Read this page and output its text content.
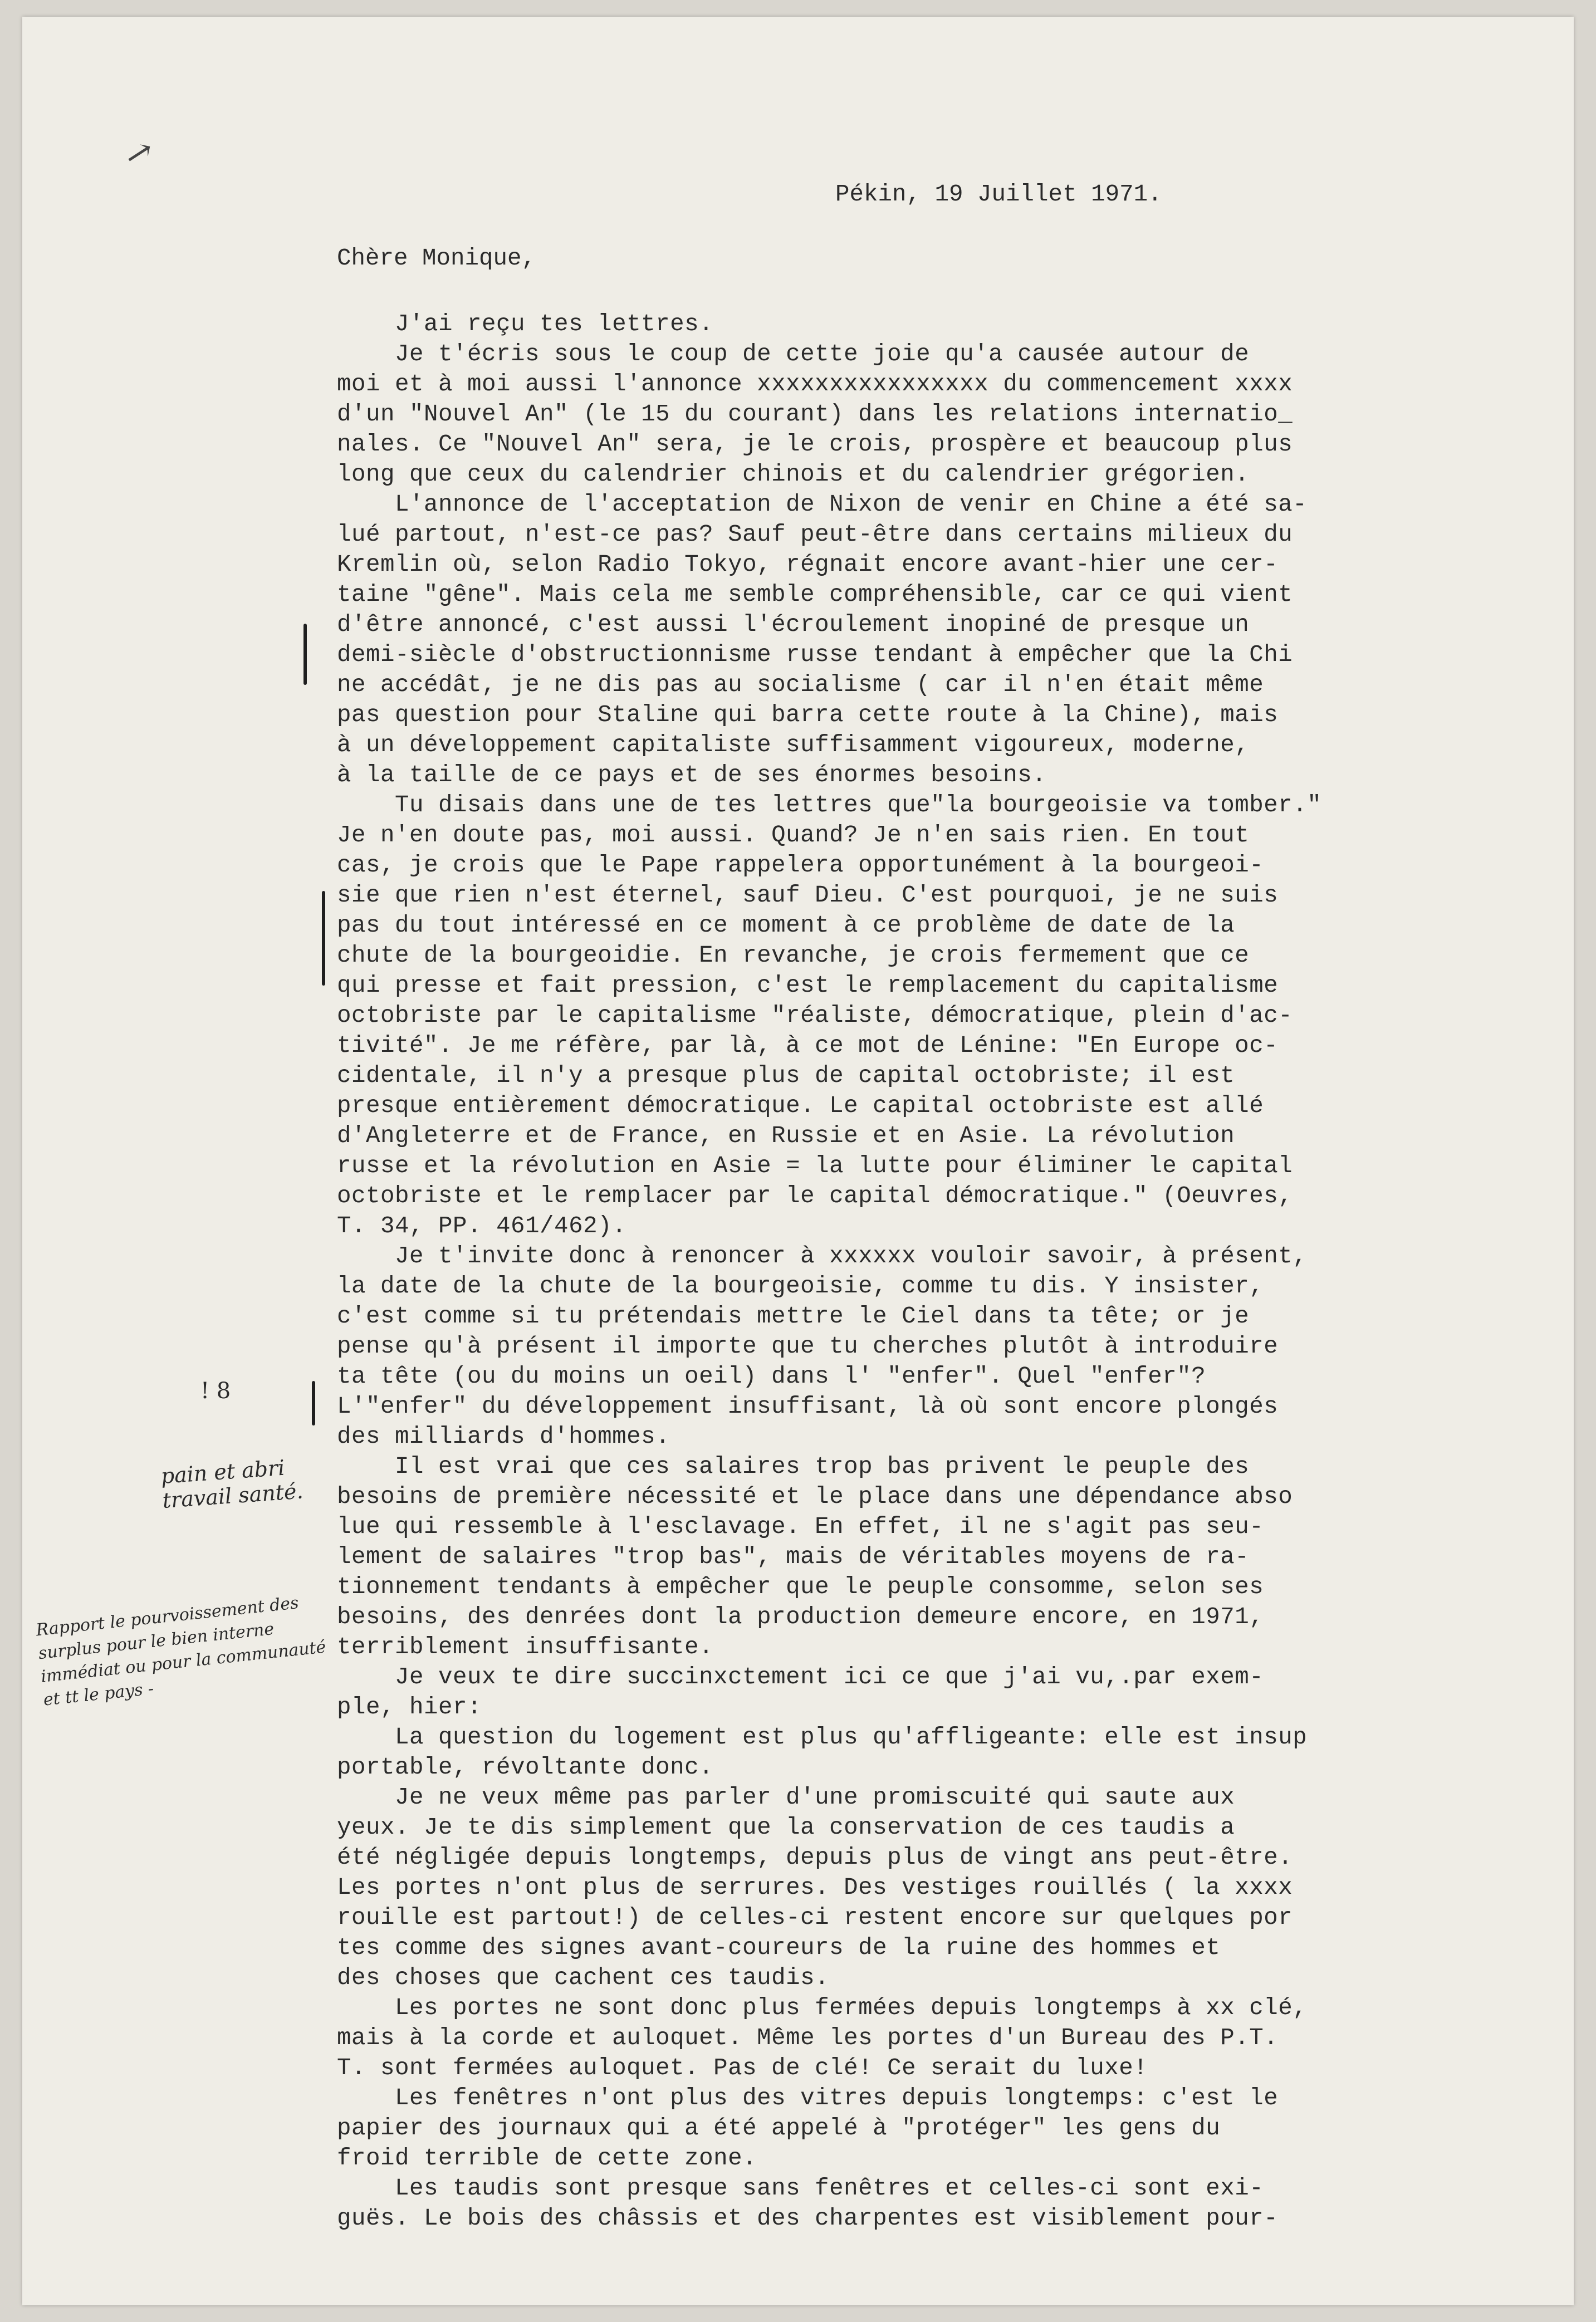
↗
Pékin, 19 Juillet 1971.
Chère Monique,
J'ai reçu tes lettres.
Je t'écris sous le coup de cette joie qu'a causée autour de
moi et à moi aussi l'annonce xxxxxxxxxxxxxxxx du commencement xxxx
d'un "Nouvel An" (le 15 du courant) dans les relations internatio_
nales. Ce "Nouvel An" sera, je le crois, prospère et beaucoup plus
long que ceux du calendrier chinois et du calendrier grégorien.
L'annonce de l'acceptation de Nixon de venir en Chine a été sa-
lué partout, n'est-ce pas? Sauf peut-être dans certains milieux du
Kremlin où, selon Radio Tokyo, régnait encore avant-hier une cer-
taine "gêne". Mais cela me semble compréhensible, car ce qui vient
d'être annoncé, c'est aussi l'écroulement inopiné de presque un
demi-siècle d'obstructionnisme russe tendant à empêcher que la Chi
ne accédât, je ne dis pas au socialisme ( car il n'en était même
pas question pour Staline qui barra cette route à la Chine), mais
à un développement capitaliste suffisamment vigoureux, moderne,
à la taille de ce pays et de ses énormes besoins.
Tu disais dans une de tes lettres que"la bourgeoisie va tomber."
Je n'en doute pas, moi aussi. Quand? Je n'en sais rien. En tout
cas, je crois que le Pape rappelera opportunément à la bourgeoi-
sie que rien n'est éternel, sauf Dieu. C'est pourquoi, je ne suis
pas du tout intéressé en ce moment à ce problème de date de la
chute de la bourgeoidie. En revanche, je crois fermement que ce
qui presse et fait pression, c'est le remplacement du capitalisme
octobriste par le capitalisme "réaliste, démocratique, plein d'ac-
tivité". Je me réfère, par là, à ce mot de Lénine: "En Europe oc-
cidentale, il n'y a presque plus de capital octobriste; il est
presque entièrement démocratique. Le capital octobriste est allé
d'Angleterre et de France, en Russie et en Asie. La révolution
russe et la révolution en Asie = la lutte pour éliminer le capital
octobriste et le remplacer par le capital démocratique." (Oeuvres,
T. 34, PP. 461/462).
Je t'invite donc à renoncer à xxxxxx vouloir savoir, à présent,
la date de la chute de la bourgeoisie, comme tu dis. Y insister,
c'est comme si tu prétendais mettre le Ciel dans ta tête; or je
pense qu'à présent il importe que tu cherches plutôt à introduire
ta tête (ou du moins un oeil) dans l' "enfer". Quel "enfer"?
L'"enfer" du développement insuffisant, là où sont encore plongés
des milliards d'hommes.
Il est vrai que ces salaires trop bas privent le peuple des
besoins de première nécessité et le place dans une dépendance abso
lue qui ressemble à l'esclavage. En effet, il ne s'agit pas seu-
lement de salaires "trop bas", mais de véritables moyens de ra-
tionnement tendants à empêcher que le peuple consomme, selon ses
besoins, des denrées dont la production demeure encore, en 1971,
terriblement insuffisante.
Je veux te dire succinxctement ici ce que j'ai vu,.par exem-
ple, hier:
La question du logement est plus qu'affligeante: elle est insup
portable, révoltante donc.
Je ne veux même pas parler d'une promiscuité qui saute aux
yeux. Je te dis simplement que la conservation de ces taudis a
été négligée depuis longtemps, depuis plus de vingt ans peut-être.
Les portes n'ont plus de serrures. Des vestiges rouillés ( la xxxx
rouille est partout!) de celles-ci restent encore sur quelques por
tes comme des signes avant-coureurs de la ruine des hommes et
des choses que cachent ces taudis.
Les portes ne sont donc plus fermées depuis longtemps à xx clé,
mais à la corde et auloquet. Même les portes d'un Bureau des P.T.
T. sont fermées auloquet. Pas de clé! Ce serait du luxe!
Les fenêtres n'ont plus des vitres depuis longtemps: c'est le
papier des journaux qui a été appelé à "protéger" les gens du
froid terrible de cette zone.
Les taudis sont presque sans fenêtres et celles-ci sont exi-
guës. Le bois des châssis et des charpentes est visiblement pour-
! 8
pain et abri travail santé.
Rapport le pourvoissement des surplus pour le bien interne immédiat ou pour la communauté et tt le pays -
